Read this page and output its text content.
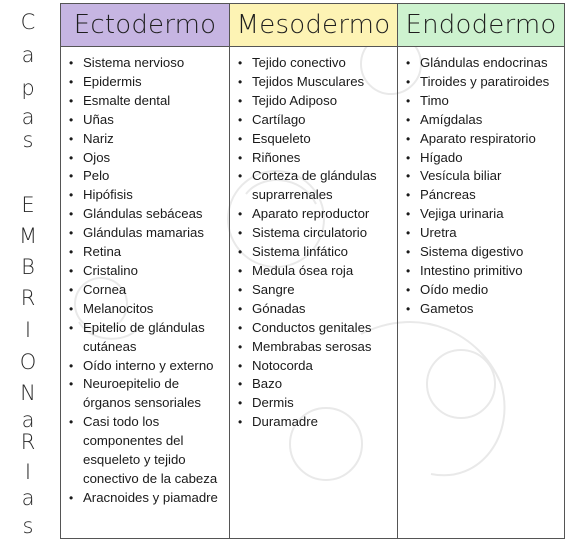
C
a
p
a
s
E
M
B
R
I
O
N
a
R
I
a
s
Ectodermo
• Sistema nervioso
• Epidermis
• Esmalte dental
• Uñas
• Nariz
• Ojos
• Pelo
• Hipófisis
• Glándulas sebáceas
• Glándulas mamarias
• Retina
• Cristalino
• Cornea
• Melanocitos
• Epitelio de glándulas cutáneas
• Oído interno y externo
• Neuroepitelio de órganos sensoriales
• Casi todo los componentes del esqueleto y tejido conectivo de la cabeza
• Aracnoides y piamadre
Mesodermo
• Tejido conectivo
• Tejidos Musculares
• Tejido Adiposo
• Cartílago
• Esqueleto
• Riñones
• Corteza de glándulas suprarrenales
• Aparato reproductor
• Sistema circulatorio
• Sistema linfático
• Medula ósea roja
• Sangre
• Gónadas
• Conductos genitales
• Membrabas serosas
• Notocorda
• Bazo
• Dermis
• Duramadre
Endodermo
• Glándulas endocrinas
• Tiroides y paratiroides
• Timo
• Amígdalas
• Aparato respiratorio
• Hígado
• Vesícula biliar
• Páncreas
• Vejiga urinaria
• Uretra
• Sistema digestivo
• Intestino primitivo
• Oído medio
• Gametos
